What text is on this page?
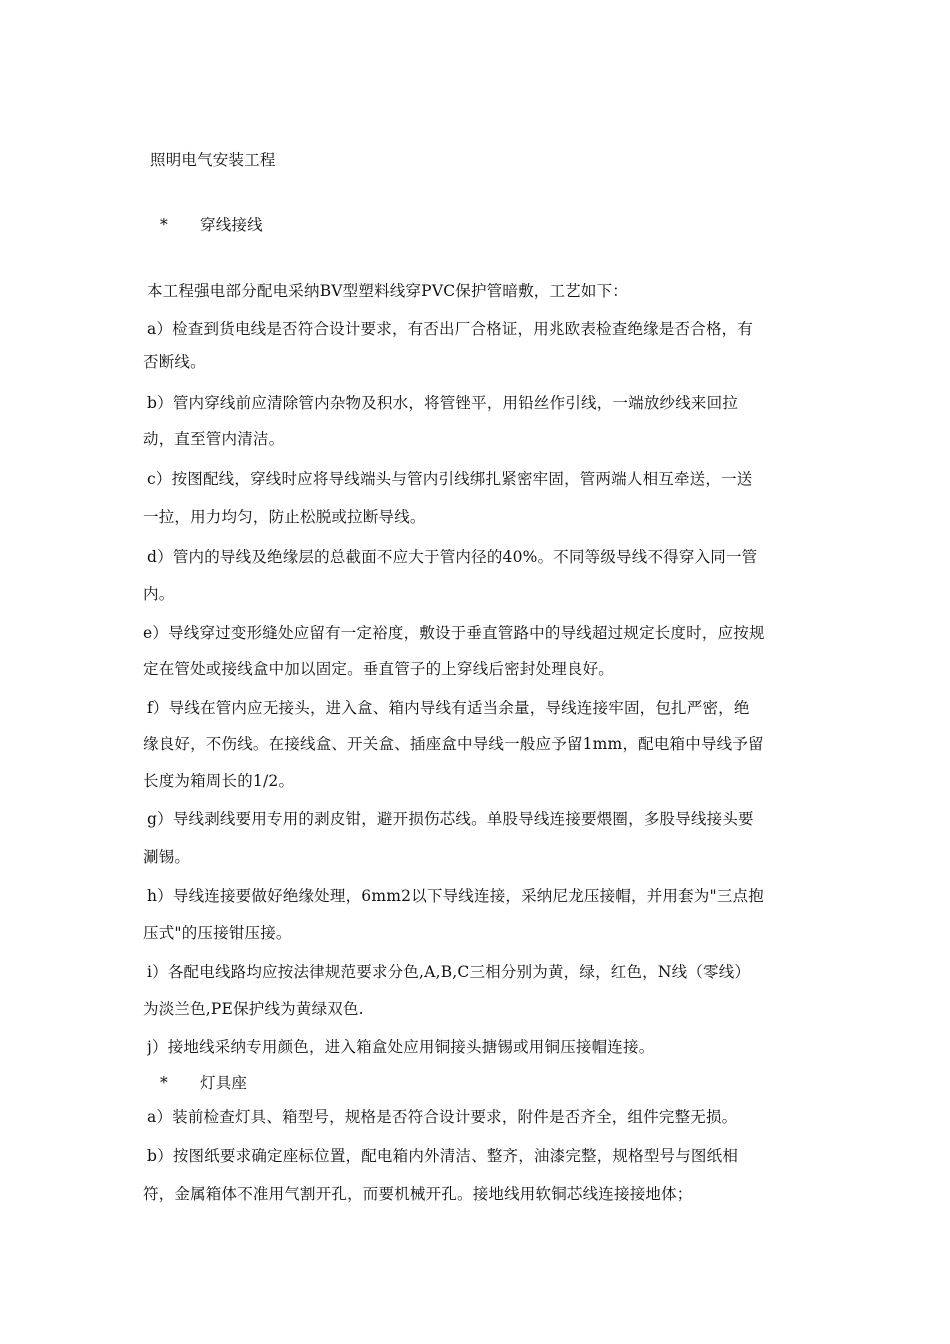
照明电气安装工程
* 穿线接线
本工程强电部分配电采纳BV型塑料线穿PVC保护管暗敷，工艺如下：
a）检查到货电线是否符合设计要求，有否出厂合格证，用兆欧表检查绝缘是否合格，有
否断线。
b）管内穿线前应清除管内杂物及积水，将管锉平，用铅丝作引线，一端放纱线来回拉
动，直至管内清洁。
c）按图配线，穿线时应将导线端头与管内引线绑扎紧密牢固，管两端人相互牵送，一送
一拉，用力均匀，防止松脱或拉断导线。
d）管内的导线及绝缘层的总截面不应大于管内径的40%。不同等级导线不得穿入同一管
内。
e）导线穿过变形缝处应留有一定裕度，敷设于垂直管路中的导线超过规定长度时，应按规
定在管处或接线盒中加以固定。垂直管子的上穿线后密封处理良好。
f）导线在管内应无接头，进入盒、箱内导线有适当余量，导线连接牢固，包扎严密，绝
缘良好，不伤线。在接线盒、开关盒、插座盒中导线一般应予留1mm，配电箱中导线予留
长度为箱周长的1/2。
g）导线剥线要用专用的剥皮钳，避开损伤芯线。单股导线连接要煨圈，多股导线接头要
涮锡。
h）导线连接要做好绝缘处理，6mm2以下导线连接，采纳尼龙压接帽，并用套为"三点抱
压式"的压接钳压接。
i）各配电线路均应按法律规范要求分色,A,B,C三相分别为黄，绿，红色，N线（零线）
为淡兰色,PE保护线为黄绿双色.
j）接地线采纳专用颜色，进入箱盒处应用铜接头搪锡或用铜压接帽连接。
* 灯具座
a）装前检查灯具、箱型号，规格是否符合设计要求，附件是否齐全，组件完整无损。
b）按图纸要求确定座标位置，配电箱内外清洁、整齐，油漆完整，规格型号与图纸相
符，金属箱体不准用气割开孔，而要机械开孔。接地线用软铜芯线连接接地体；
